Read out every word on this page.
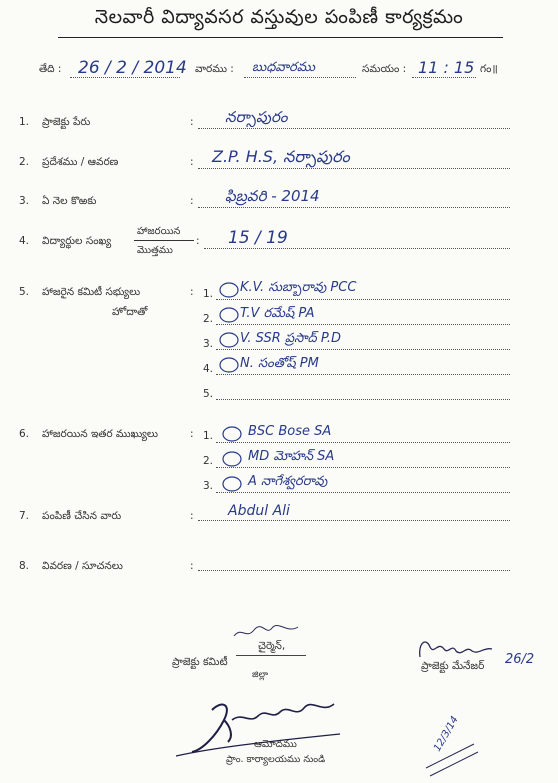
నెలవారీ విద్యావసర వస్తువుల పంపిణీ కార్యక్రమం
తేది : 26 / 2 / 2014 వారము : బుధవారము	సమయం : 11 : 15 గం॥
1. ప్రాజెక్టు పేరు	: నర్సాపురం
2. ప్రదేశము / ఆవరణ	: Z.P. H.S, నర్సాపురం
3. ఏ నెల కొఱకు	: ఫిబ్రవరి - 2014
4. విద్యార్థుల సంఖ్య
హాజరయిన
మొత్తము
: 15 / 19
5. హాజరైన కమిటీ సభ్యులు
హోదాతో
: 1. K.V. సుబ్బారావు PCC
2. T.V రమేష్ PA
3. V. SSR ప్రసాద్ P.D
4. N. సంతోష్ PM
5.
6. హాజరయిన ఇతర ముఖ్యులు	: 1.	BSC Bose SA
2.	MD మోహన్ SA
3.	A నాగేశ్వరరావు
7. పంపిణీ చేసిన వారు	: Abdul Ali
8. వివరణ / సూచనలు	:
చైర్మెన్,
ప్రాజెక్టు కమిటీ
జిల్లా
ప్రాజెక్టు మేనేజర్ 26/2
ఆమోదము
ప్రాం. కార్యాలయము నుండి
12/3/14
